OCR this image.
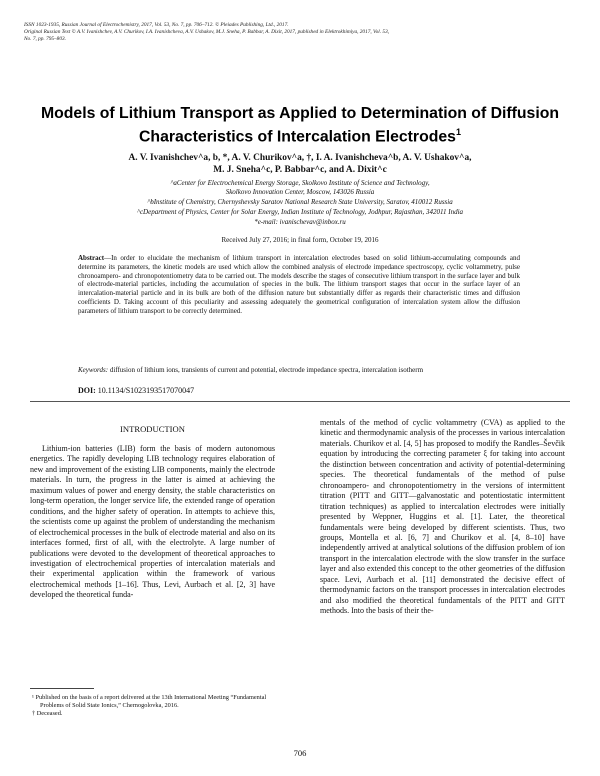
ISSN 1023-1935, Russian Journal of Electrochemistry, 2017, Vol. 53, No. 7, pp. 706–712. © Pleiades Publishing, Ltd., 2017.
Original Russian Text © A.V. Ivanishchev, A.V. Churikov, I.A. Ivanishcheva, A.V. Ushakov, M.J. Sneha, P. Babbar, A. Dixit, 2017, published in Elektrokhimiya, 2017, Vol. 53,
No. 7, pp. 795–803.
Models of Lithium Transport as Applied to Determination of Diffusion Characteristics of Intercalation Electrodes$^1$
A. V. Ivanishchev^a, b, *, A. V. Churikov^a, †, I. A. Ivanishcheva^b, A. V. Ushakov^a,
M. J. Sneha^c, P. Babbar^c, and A. Dixit^c
^aCenter for Electrochemical Energy Storage, Skolkovo Institute of Science and Technology,
Skolkovo Innovation Center, Moscow, 143026 Russia
^bInstitute of Chemistry, Chernyshevsky Saratov National Research State University, Saratov, 410012 Russia
^cDepartment of Physics, Center for Solar Energy, Indian Institute of Technology, Jodhpur, Rajasthan, 342011 India
*e-mail: ivanischevav@inbox.ru
Received July 27, 2016; in final form, October 19, 2016
Abstract—In order to elucidate the mechanism of lithium transport in intercalation electrodes based on solid lithium-accumulating compounds and determine its parameters, the kinetic models are used which allow the combined analysis of electrode impedance spectroscopy, cyclic voltammetry, pulse chronoampero- and chronopotentiometry data to be carried out. The models describe the stages of consecutive lithium transport in the surface layer and bulk of electrode-material particles, including the accumulation of species in the bulk. The lithium transport stages that occur in the surface layer of an intercalation-material particle and in its bulk are both of the diffusion nature but substantially differ as regards their characteristic times and diffusion coefficients D. Taking account of this peculiarity and assessing adequately the geometrical configuration of intercalation system allow the diffusion parameters of lithium transport to be correctly determined.
Keywords: diffusion of lithium ions, transients of current and potential, electrode impedance spectra, intercalation isotherm
DOI: 10.1134/S1023193517070047
INTRODUCTION
Lithium-ion batteries (LIB) form the basis of modern autonomous energetics. The rapidly developing LIB technology requires elaboration of new and improvement of the existing LIB components, mainly the electrode materials. In turn, the progress in the latter is aimed at achieving the maximum values of power and energy density, the stable characteristics on long-term operation, the longer service life, the extended range of operation conditions, and the higher safety of operation. In attempts to achieve this, the scientists come up against the problem of understanding the mechanism of electrochemical processes in the bulk of electrode material and also on its interfaces formed, first of all, with the electrolyte. A large number of publications were devoted to the development of theoretical approaches to investigation of electrochemical properties of intercalation materials and their experimental application within the framework of various electrochemical methods [1–16]. Thus, Levi, Aurbach et al. [2, 3] have developed the theoretical funda-
mentals of the method of cyclic voltammetry (CVA) as applied to the kinetic and thermodynamic analysis of the processes in various intercalation materials. Churikov et al. [4, 5] has proposed to modify the Randles–Ševčik equation by introducing the correcting parameter ξ for taking into account the distinction between concentration and activity of potential-determining species. The theoretical fundamentals of the method of pulse chronoampero- and chronopotentiometry in the versions of intermittent titration (PITT and GITT—galvanostatic and potentiostatic intermittent titration techniques) as applied to intercalation electrodes were initially presented by Weppner, Huggins et al. [1]. Later, the theoretical fundamentals were being developed by different scientists. Thus, two groups, Montella et al. [6, 7] and Churikov et al. [4, 8–10] have independently arrived at analytical solutions of the diffusion problem of ion transport in the intercalation electrode with the slow transfer in the surface layer and also extended this concept to the other geometries of the diffusion space. Levi, Aurbach et al. [11] demonstrated the decisive effect of thermodynamic factors on the transport processes in intercalation electrodes and also modified the theoretical fundamentals of the PITT and GITT methods. Into the basis of their the-
¹ Published on the basis of a report delivered at the 13th International Meeting “Fundamental Problems of Solid State Ionics,” Chernogolovka, 2016.
† Deceased.
706
